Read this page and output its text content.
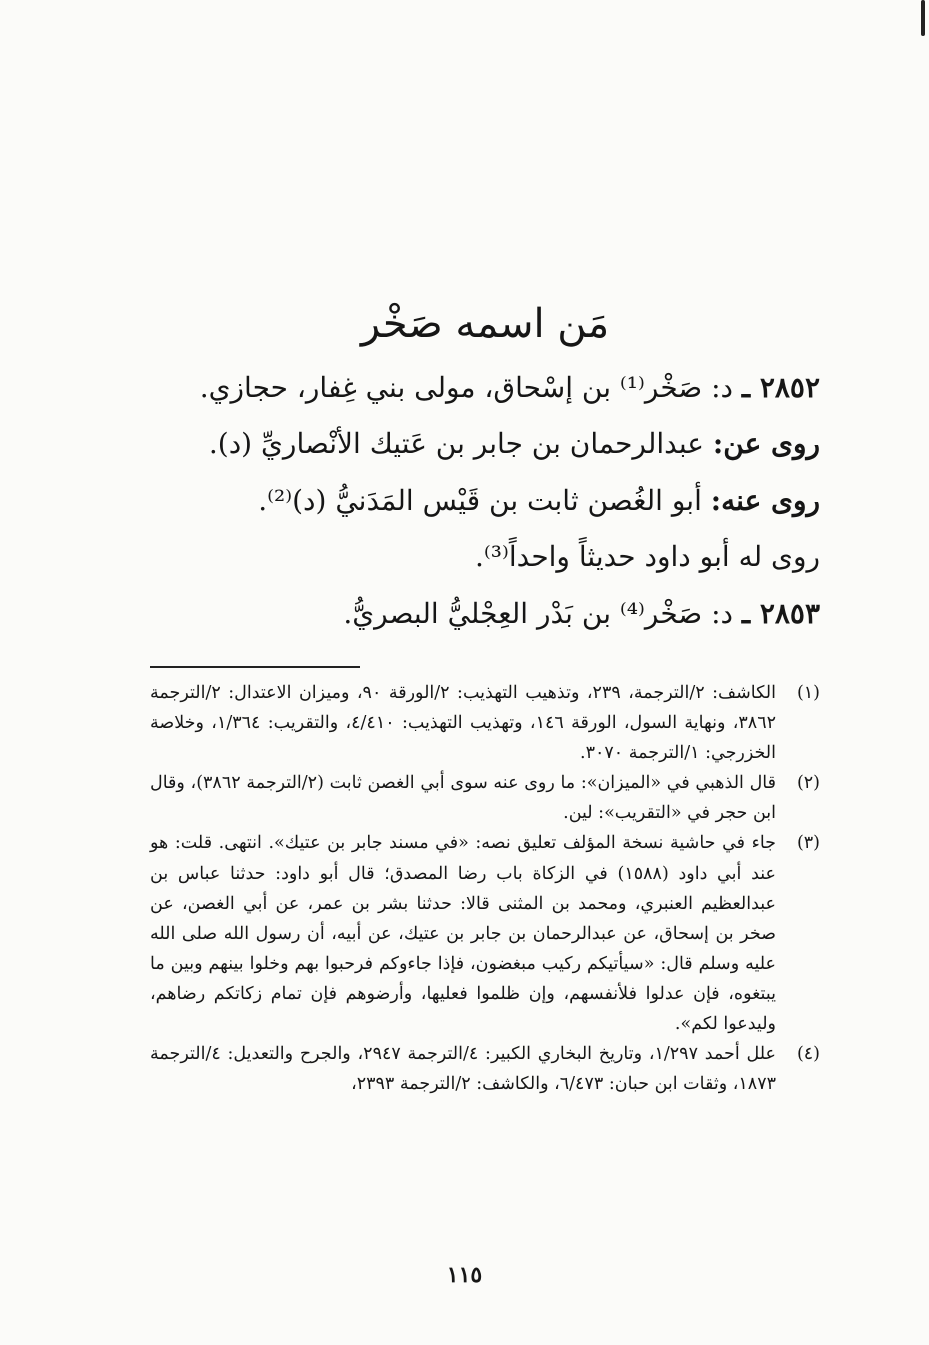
مَن اسمه صَخْر

٢٨٥٢ ـ د: صَخْر⁽¹⁾ بن إسْحاق، مولى بني غِفار، حجازي.

روى عن: عبدالرحمان بن جابر بن عَتيك الأنْصاريِّ (د).

روى عنه: أبو الغُصن ثابت بن قَيْس المَدَنيُّ (د)⁽²⁾.

روى له أبو داود حديثاً واحداً⁽³⁾.

٢٨٥٣ ـ د: صَخْر⁽⁴⁾ بن بَدْر العِجْليُّ البصريُّ.

(١)
الكاشف: ٢/الترجمة، ٢٣٩، وتذهيب التهذيب: ٢/الورقة ٩٠، وميزان الاعتدال: ٢/الترجمة ٣٨٦٢، ونهاية السول، الورقة ١٤٦، وتهذيب التهذيب: ٤/٤١٠، والتقريب: ١/٣٦٤، وخلاصة الخزرجي: ١/الترجمة ٣٠٧٠.
(٢)
قال الذهبي في «الميزان»: ما روى عنه سوى أبي الغصن ثابت (٢/الترجمة ٣٨٦٢)، وقال ابن حجر في «التقريب»: لين.
(٣)
جاء في حاشية نسخة المؤلف تعليق نصه: «في مسند جابر بن عتيك». انتهى. قلت: هو عند أبي داود (١٥٨٨) في الزكاة باب رضا المصدق؛ قال أبو داود: حدثنا عباس بن عبدالعظيم العنبري، ومحمد بن المثنى قالا: حدثنا بشر بن عمر، عن أبي الغصن، عن صخر بن إسحاق، عن عبدالرحمان بن جابر بن عتيك، عن أبيه، أن رسول الله صلى الله عليه وسلم قال: «سيأتيكم ركيب مبغضون، فإذا جاءوكم فرحبوا بهم وخلوا بينهم وبين ما يبتغوه، فإن عدلوا فلأنفسهم، وإن ظلموا فعليها، وأرضوهم فإن تمام زكاتكم رضاهم، وليدعوا لكم».
(٤)
علل أحمد ١/٢٩٧، وتاريخ البخاري الكبير: ٤/الترجمة ٢٩٤٧، والجرح والتعديل: ٤/الترجمة ١٨٧٣، وثقات ابن حبان: ٦/٤٧٣، والكاشف: ٢/الترجمة ٢٣٩٣،
١١٥
